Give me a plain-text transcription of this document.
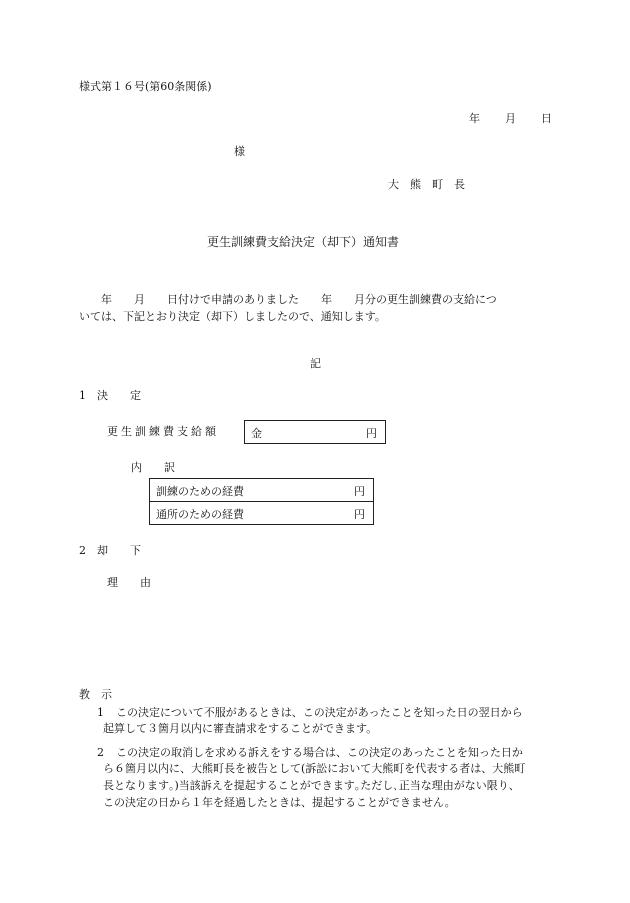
様式第１６号(第60条関係)
年 月 日
様
大　熊　町　長
更生訓練費支給決定（却下）通知書
　　年　　月　　日付けで申請のありました　　年　　月分の更生訓練費の支給につ
いては、下記とおり決定（却下）しましたので、通知します。
記
1 決　　定
更生訓練費支給額	金	円
内　　訳
訓練のための経費	円
通所のための経費	円
2 却　　下
理　　由
教　示
1 この決定について不服があるときは、この決定があったことを知った日の翌日から
起算して３箇月以内に審査請求をすることができます。
2 この決定の取消しを求める訴えをする場合は、この決定のあったことを知った日か
ら６箇月以内に、大熊町長を被告として(訴訟において大熊町を代表する者は、大熊町
長となります｡)当該訴えを提起することができます｡ただし､正当な理由がない限り、
この決定の日から１年を経過したときは、提起することができません。
